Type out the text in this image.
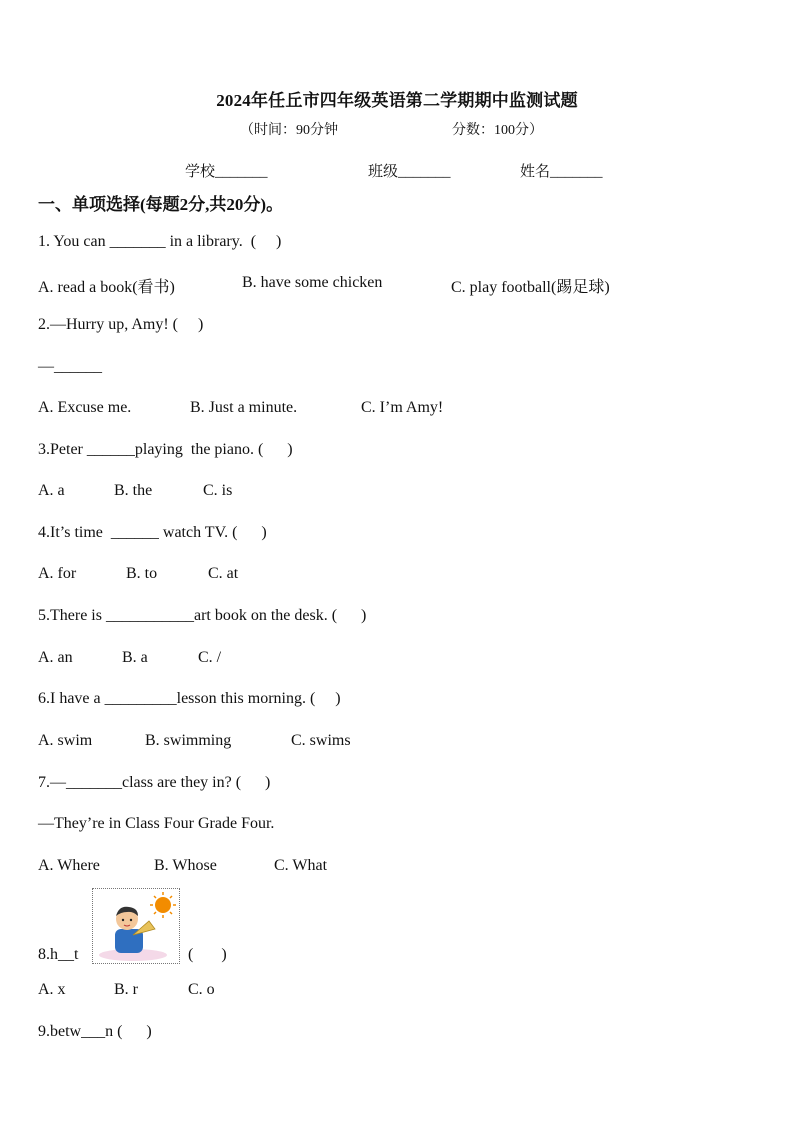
2024年任丘市四年级英语第二学期期中监测试题
（时间：90分钟	分数：100分）
学校_______	班级_______	姓名_______
一、单项选择(每题2分,共20分)。
1. You can _______ in a library.  (     )
A. read a book(看书)	B. have some chicken	C. play football(踢足球)
2.—Hurry up, Amy! (     )
—______
A. Excuse me.	B. Just a minute.	C. I’m Amy!
3.Peter ______playing  the piano. (      )
A. a	B. the	C. is
4.It’s time  ______ watch TV. (      )
A. for	B. to	C. at
5.There is ___________art book on the desk. (      )
A. an	B. a	C. /
6.I have a _________lesson this morning. (     )
A. swim	B. swimming	C. swims
7.—_______class are they in? (      )
—They’re in Class Four Grade Four.
A. Where	B. Whose	C. What
8.h__t	(       )
A. x	B. r	C. o
9.betw___n (      )
